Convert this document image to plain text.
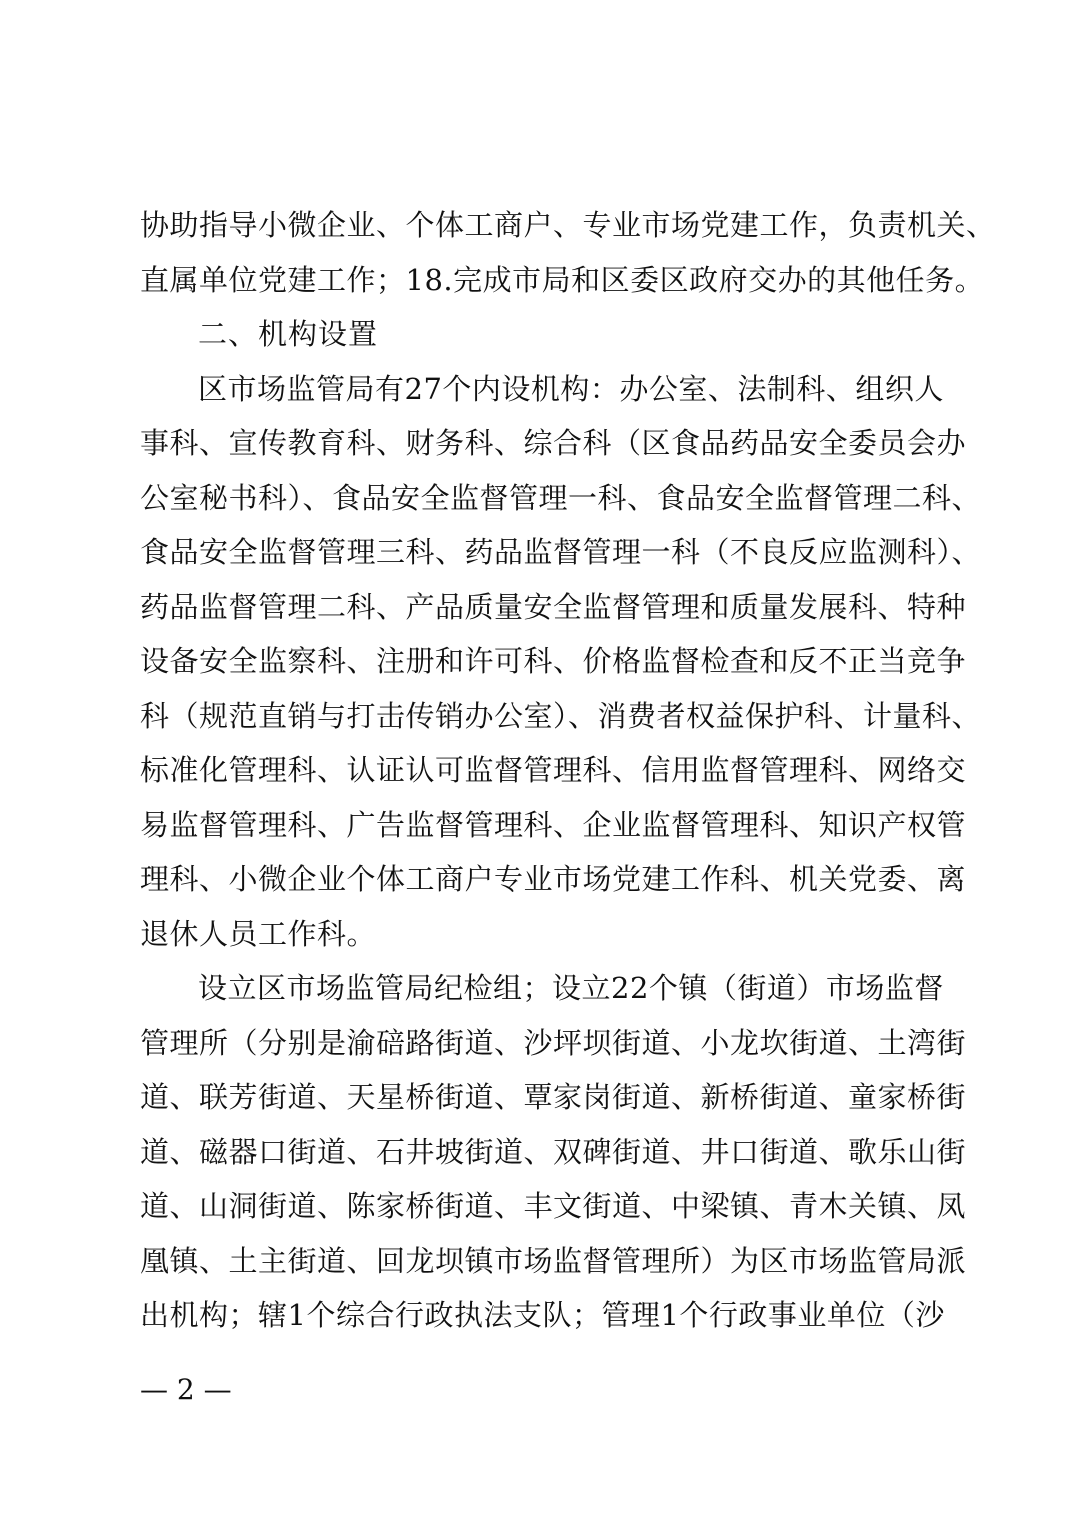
协助指导小微企业、个体工商户、专业市场党建工作，负责机关、
直属单位党建工作；18.完成市局和区委区政府交办的其他任务。
二、机构设置
区市场监管局有27个内设机构：办公室、法制科、组织人
事科、宣传教育科、财务科、综合科（区食品药品安全委员会办
公室秘书科）、食品安全监督管理一科、食品安全监督管理二科、
食品安全监督管理三科、药品监督管理一科（不良反应监测科）、
药品监督管理二科、产品质量安全监督管理和质量发展科、特种
设备安全监察科、注册和许可科、价格监督检查和反不正当竞争
科（规范直销与打击传销办公室）、消费者权益保护科、计量科、
标准化管理科、认证认可监督管理科、信用监督管理科、网络交
易监督管理科、广告监督管理科、企业监督管理科、知识产权管
理科、小微企业个体工商户专业市场党建工作科、机关党委、离
退休人员工作科。
设立区市场监管局纪检组；设立22个镇（街道）市场监督
管理所（分别是渝碚路街道、沙坪坝街道、小龙坎街道、土湾街
道、联芳街道、天星桥街道、覃家岗街道、新桥街道、童家桥街
道、磁器口街道、石井坡街道、双碑街道、井口街道、歌乐山街
道、山洞街道、陈家桥街道、丰文街道、中梁镇、青木关镇、凤
凰镇、土主街道、回龙坝镇市场监督管理所）为区市场监管局派
出机构；辖1个综合行政执法支队；管理1个行政事业单位（沙
— 2 —
